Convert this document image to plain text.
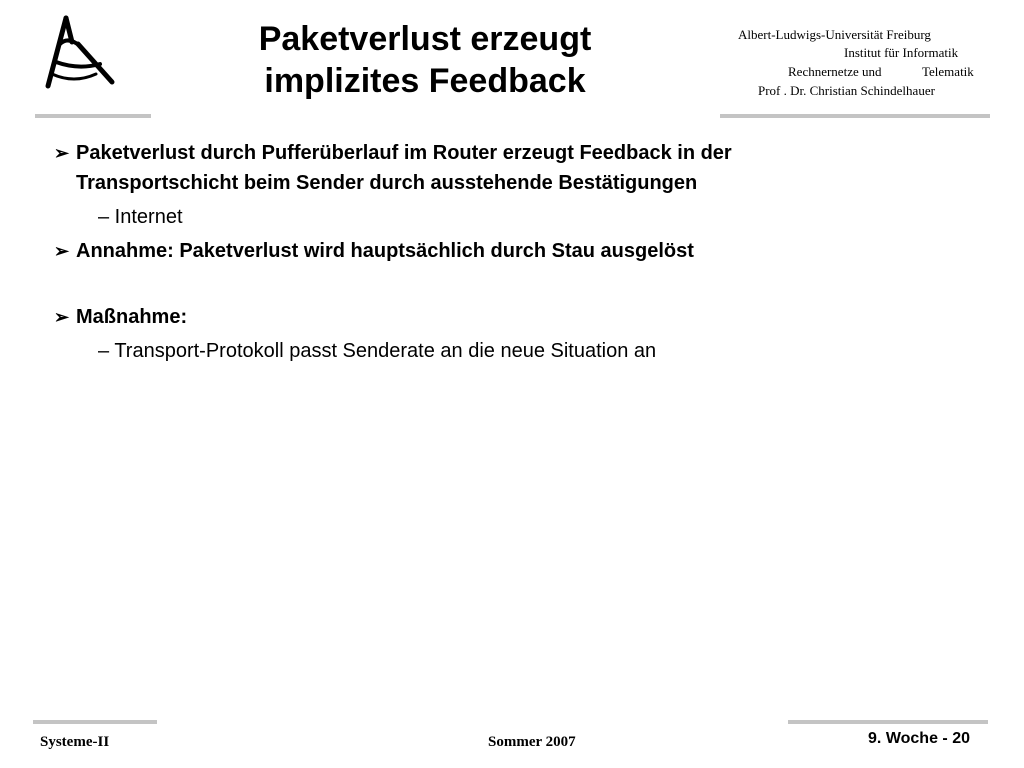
Paketverlust erzeugt
implizites Feedback
Albert-Ludwigs-Universität Freiburg
Institut für Informatik
Rechnernetze und	Telematik
Prof . Dr. Christian Schindelhauer
➢ Paketverlust durch Pufferüberlauf im Router erzeugt Feedback in der
Transportschicht beim Sender durch ausstehende Bestätigungen
– Internet
➢ Annahme: Paketverlust wird hauptsächlich durch Stau ausgelöst
➢ Maßnahme:
– Transport-Protokoll passt Senderate an die neue Situation an
Systeme-II	Sommer 2007	9. Woche - 20
